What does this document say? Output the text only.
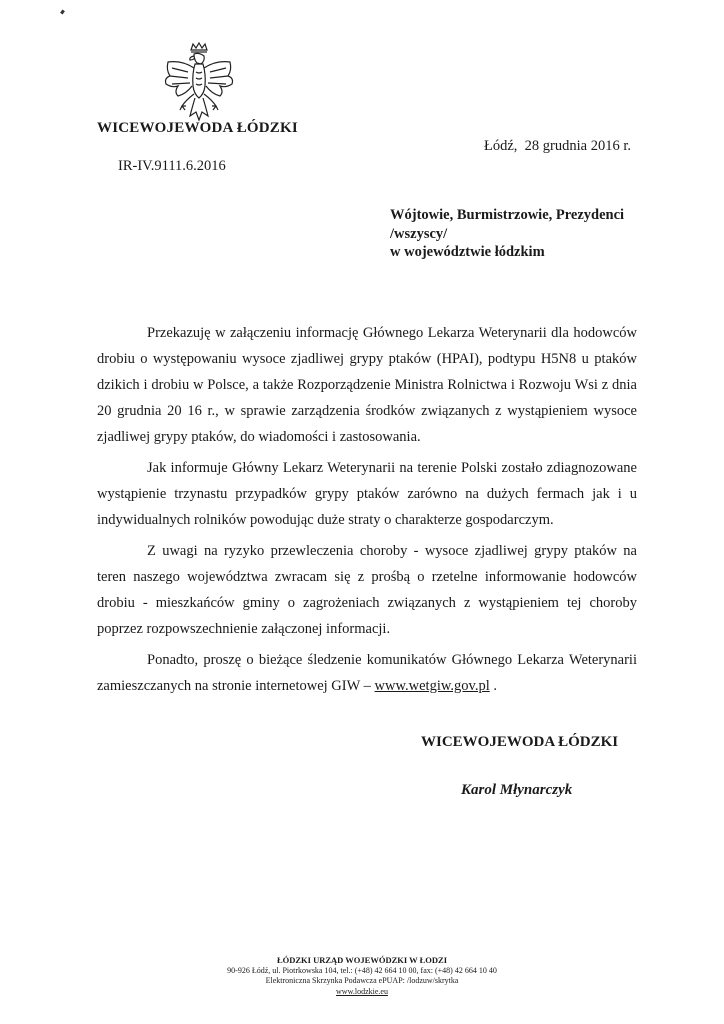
WICEWOJEWODA ŁÓDZKI
IR-IV.9111.6.2016
Łódź,  28 grudnia 2016 r.
Wójtowie, Burmistrzowie, Prezydenci
/wszyscy/
w województwie łódzkim

Przekazuję w załączeniu informację Głównego Lekarza Weterynarii dla hodowców drobiu o występowaniu wysoce zjadliwej grypy ptaków (HPAI), podtypu H5N8 u ptaków dzikich i drobiu w Polsce, a także Rozporządzenie Ministra Rolnictwa i Rozwoju Wsi z dnia 20 grudnia 20 16 r., w sprawie zarządzenia środków związanych z wystąpieniem wysoce zjadliwej grypy ptaków, do wiadomości i zastosowania.

Jak informuje Główny Lekarz Weterynarii na terenie Polski zostało zdiagnozowane wystąpienie trzynastu przypadków grypy ptaków zarówno na dużych fermach jak i u indywidualnych rolników powodując duże straty o charakterze gospodarczym.

Z uwagi na ryzyko przewleczenia choroby - wysoce zjadliwej grypy ptaków na teren naszego województwa zwracam się z prośbą o rzetelne informowanie hodowców drobiu - mieszkańców gminy o zagrożeniach związanych z wystąpieniem tej choroby poprzez rozpowszechnienie załączonej informacji.

Ponadto, proszę o bieżące śledzenie komunikatów Głównego Lekarza Weterynarii zamieszczanych na stronie internetowej GIW – www.wetgiw.gov.pl .

WICEWOJEWODA ŁÓDZKI
Karol Młynarczyk
ŁÓDZKI URZĄD WOJEWÓDZKI W ŁODZI
90-926 Łódź, ul. Piotrkowska 104, tel.: (+48) 42 664 10 00, fax: (+48) 42 664 10 40
Elektroniczna Skrzynka Podawcza ePUAP: /lodzuw/skrytka
www.lodzkie.eu
